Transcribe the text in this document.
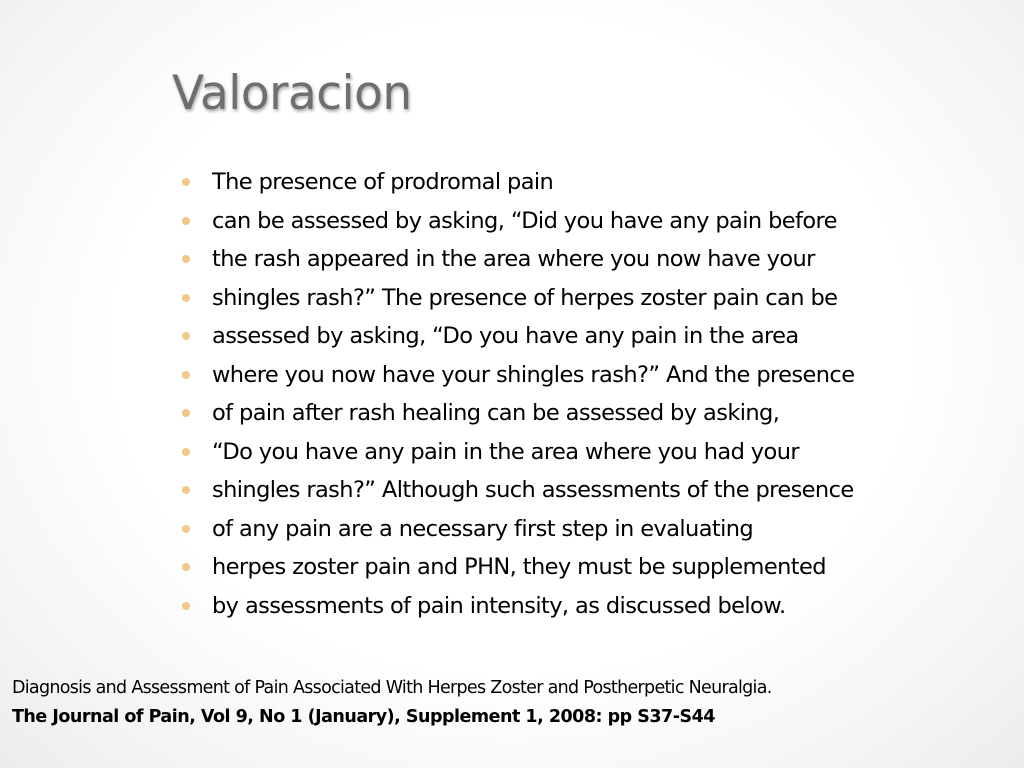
Valoracion
The presence of prodromal pain
can be assessed by asking, “Did you have any pain before
the rash appeared in the area where you now have your
shingles rash?” The presence of herpes zoster pain can be
assessed by asking, “Do you have any pain in the area
where you now have your shingles rash?” And the presence
of pain after rash healing can be assessed by asking,
“Do you have any pain in the area where you had your
shingles rash?” Although such assessments of the presence
of any pain are a necessary first step in evaluating
herpes zoster pain and PHN, they must be supplemented
by assessments of pain intensity, as discussed below.
Diagnosis and Assessment of Pain Associated With Herpes Zoster and Postherpetic Neuralgia.
The Journal of Pain, Vol 9, No 1 (January), Supplement 1, 2008: pp S37-S44
